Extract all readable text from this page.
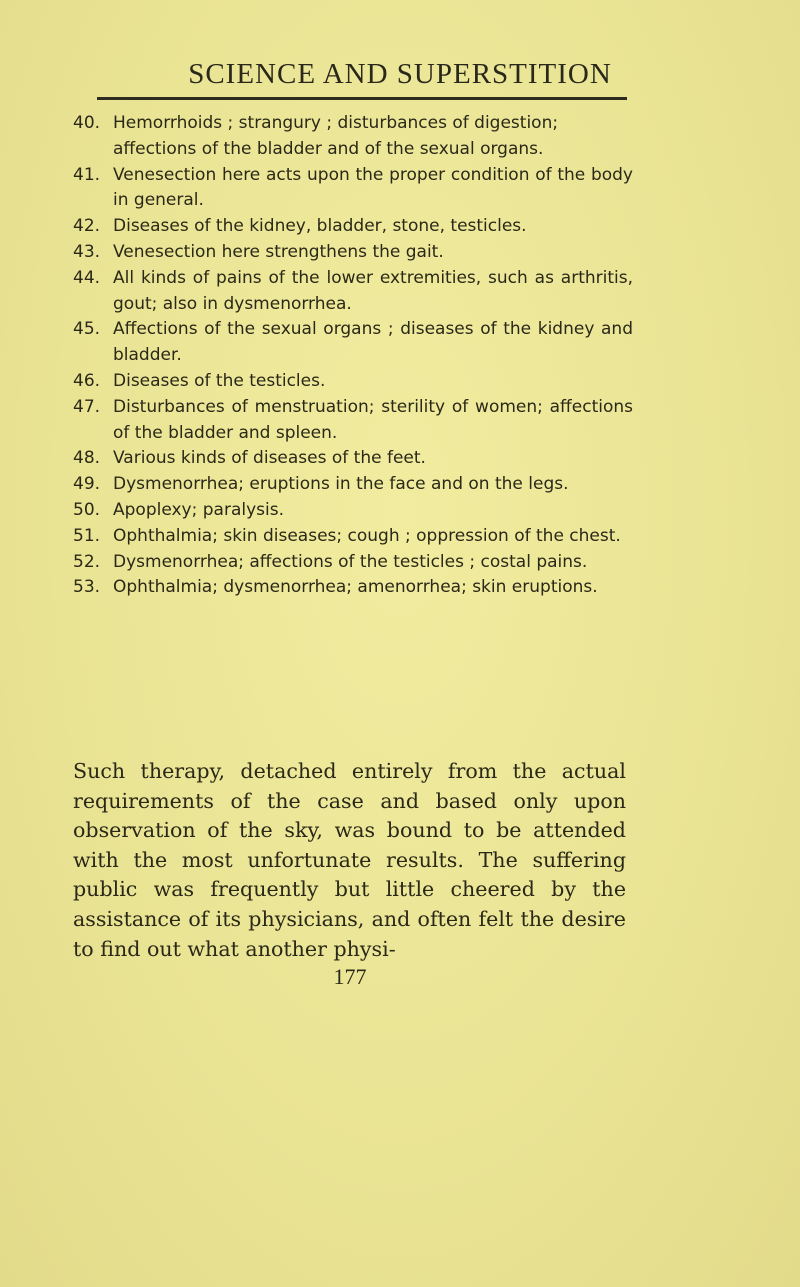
SCIENCE AND SUPERSTITION
40. Hemorrhoids ; strangury ; disturbances of digestion; affections of the bladder and of the sexual organs.
41. Venesection here acts upon the proper condition of the body in general.
42. Diseases of the kidney, bladder, stone, testicles.
43. Venesection here strengthens the gait.
44. All kinds of pains of the lower extremities, such as arthritis, gout; also in dysmenorrhea.
45. Affections of the sexual organs ; diseases of the kidney and bladder.
46. Diseases of the testicles.
47. Disturbances of menstruation; sterility of women; affections of the bladder and spleen.
48. Various kinds of diseases of the feet.
49. Dysmenorrhea; eruptions in the face and on the legs.
50. Apoplexy; paralysis.
51. Ophthalmia; skin diseases; cough ; oppression of the chest.
52. Dysmenorrhea; affections of the testicles ; costal pains.
53. Ophthalmia; dysmenorrhea; amenorrhea; skin eruptions.

Such therapy, detached entirely from the actual requirements of the case and based only upon observation of the sky, was bound to be attended with the most unfortunate results. The suffering public was frequently but little cheered by the assistance of its physicians, and often felt the desire to find out what another physi-

177
